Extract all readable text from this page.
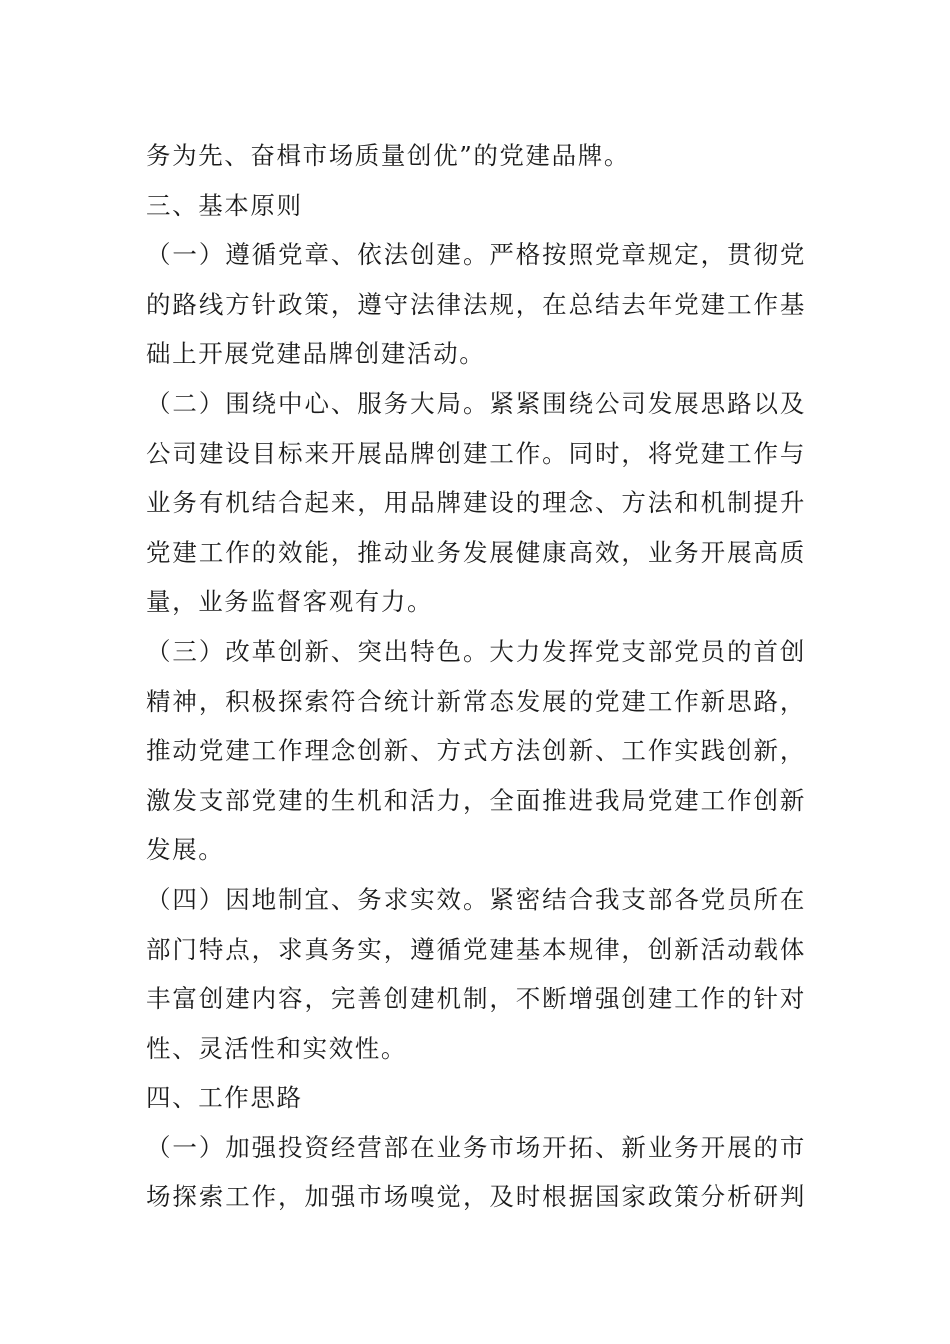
务为先、奋楫市场质量创优”的党建品牌。
三、基本原则
（一）遵循党章、依法创建。严格按照党章规定，贯彻党
的路线方针政策，遵守法律法规，在总结去年党建工作基
础上开展党建品牌创建活动。
（二）围绕中心、服务大局。紧紧围绕公司发展思路以及
公司建设目标来开展品牌创建工作。同时，将党建工作与
业务有机结合起来，用品牌建设的理念、方法和机制提升
党建工作的效能，推动业务发展健康高效，业务开展高质
量，业务监督客观有力。
（三）改革创新、突出特色。大力发挥党支部党员的首创
精神，积极探索符合统计新常态发展的党建工作新思路，
推动党建工作理念创新、方式方法创新、工作实践创新，
激发支部党建的生机和活力，全面推进我局党建工作创新
发展。
（四）因地制宜、务求实效。紧密结合我支部各党员所在
部门特点，求真务实，遵循党建基本规律，创新活动载体
丰富创建内容，完善创建机制，不断增强创建工作的针对
性、灵活性和实效性。
四、工作思路
（一）加强投资经营部在业务市场开拓、新业务开展的市
场探索工作，加强市场嗅觉，及时根据国家政策分析研判
